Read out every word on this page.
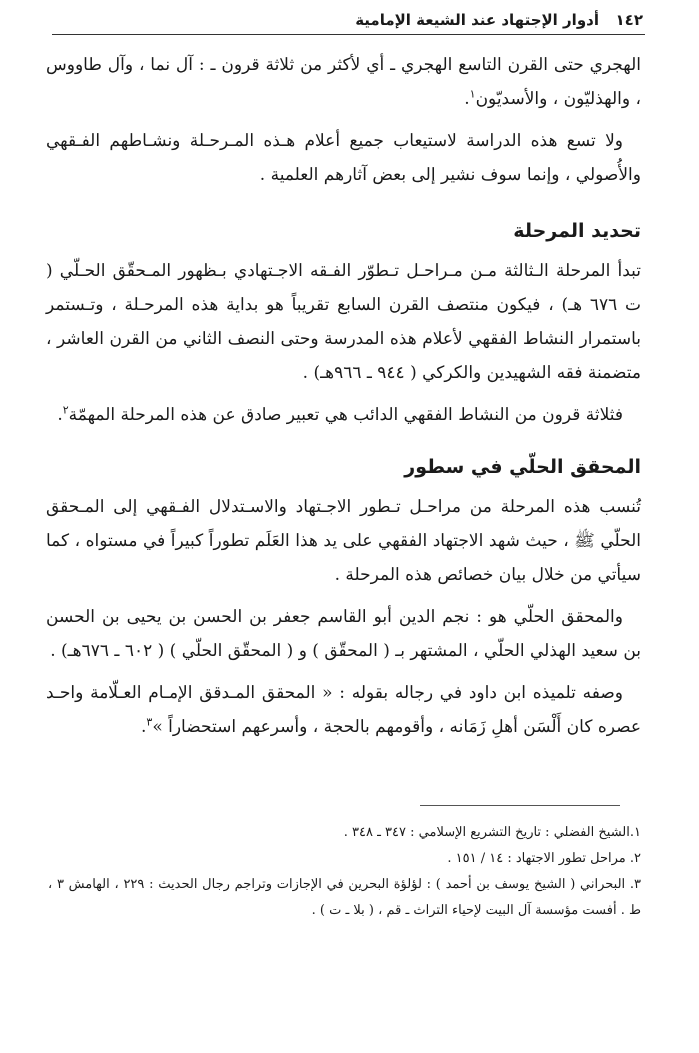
١٤٢
أدوار الإجتهاد عند الشيعة الإمامية

الهجري حتى القرن التاسع الهجري ـ أي لأكثر من ثلاثة قرون ـ : آل نما ، وآل طاووس ، والهذليّون ، والأسديّون$^١$.

ولا تسع هذه الدراسة لاستيعاب جميع أعلام هـذه المـرحـلة ونشـاطهم الفـقهي والأُصولي ، وإنما سوف نشير إلى بعض آثارهم العلمية .

تحديد المرحلة

تبدأ المرحلة الـثالثة مـن مـراحـل تـطوّر الفـقه الاجـتهادي بـظهور المـحقّق الحـلّي ( ت ٦٧٦ هـ) ، فيكون منتصف القرن السابع تقريباً هو بداية هذه المرحـلة ، وتـستمر باستمرار النشاط الفقهي لأعلام هذه المدرسة وحتى النصف الثاني من القرن العاشر ، متضمنة فقه الشهيدين والكركي ( ٩٤٤ ـ ٩٦٦هـ) .

فثلاثة قرون من النشاط الفقهي الدائب هي تعبير صادق عن هذه المرحلة المهمّة$^٢$.

المحقق الحلّي في سطور

تُنسب هذه المرحلة من مراحـل تـطور الاجـتهاد والاسـتدلال الفـقهي إلى المـحقق الحلّي ﷺ ، حيث شهد الاجتهاد الفقهي على يد هذا العَلَم تطوراً كبيراً في مستواه ، كما سيأتي من خلال بيان خصائص هذه المرحلة .

والمحقق الحلّي هو : نجم الدين أبو القاسم جعفر بن الحسن بن يحيى بن الحسن بن سعيد الهذلي الحلّي ، المشتهر بـ ( المحقّق ) و ( المحقّق الحلّي ) ( ٦٠٢ ـ ٦٧٦هـ) .

وصفه تلميذه ابن داود في رجاله بقوله : « المحقق المـدقق الإمـام العـلّامة واحـد عصره كان أَلْسَن أهلِ زَمَانه ، وأقومهم بالحجة ، وأسرعهم استحضاراً »$^٣$.

١.الشيخ الفضلي : تاريخ التشريع الإسلامي : ٣٤٧ ـ ٣٤٨ .

٢. مراحل تطور الاجتهاد : ١٤ / ١٥١ .

٣. البحراني ( الشيخ يوسف بن أحمد ) : لؤلؤة البحرين في الإجازات وتراجم رجال الحديث : ٢٢٩ ، الهامش ٣ ، ط . أفست مؤسسة آل البيت لإحياء التراث ـ قم ، ( بلا ـ ت ) .
